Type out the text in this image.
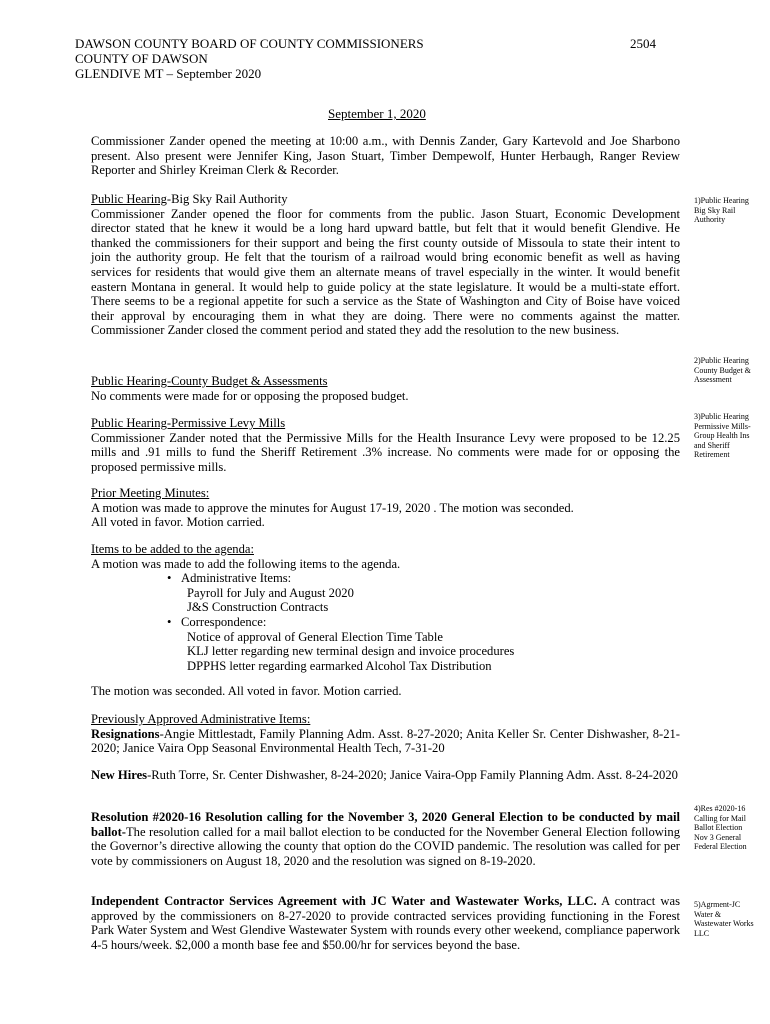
DAWSON COUNTY BOARD OF COUNTY COMMISSIONERS
COUNTY OF DAWSON
GLENDIVE MT – September 2020
2504
September 1, 2020
Commissioner Zander opened the meeting at 10:00 a.m., with Dennis Zander, Gary Kartevold and Joe Sharbono present. Also present were Jennifer King, Jason Stuart, Timber Dempewolf, Hunter Herbaugh, Ranger Review Reporter and Shirley Kreiman Clerk & Recorder.
Public Hearing-Big Sky Rail Authority
Commissioner Zander opened the floor for comments from the public. Jason Stuart, Economic Development director stated that he knew it would be a long hard upward battle, but felt that it would benefit Glendive. He thanked the commissioners for their support and being the first county outside of Missoula to state their intent to join the authority group. He felt that the tourism of a railroad would bring economic benefit as well as having services for residents that would give them an alternate means of travel especially in the winter. It would benefit eastern Montana in general. It would help to guide policy at the state legislature. It would be a multi-state effort. There seems to be a regional appetite for such a service as the State of Washington and City of Boise have voiced their approval by encouraging them in what they are doing. There were no comments against the matter. Commissioner Zander closed the comment period and stated they add the resolution to the new business.
Public Hearing-County Budget & Assessments
No comments were made for or opposing the proposed budget.
Public Hearing-Permissive Levy Mills
Commissioner Zander noted that the Permissive Mills for the Health Insurance Levy were proposed to be 12.25 mills and .91 mills to fund the Sheriff Retirement .3% increase. No comments were made for or opposing the proposed permissive mills.
Prior Meeting Minutes:
A motion was made to approve the minutes for August 17-19, 2020 . The motion was seconded.
All voted in favor. Motion carried.
Items to be added to the agenda:
A motion was made to add the following items to the agenda.
• Administrative Items:
Payroll for July and August 2020
J&S Construction Contracts
• Correspondence:
Notice of approval of General Election Time Table
KLJ letter regarding new terminal design and invoice procedures
DPPHS letter regarding earmarked Alcohol Tax Distribution
The motion was seconded. All voted in favor. Motion carried.
Previously Approved Administrative Items:
Resignations-Angie Mittlestadt, Family Planning Adm. Asst. 8-27-2020; Anita Keller Sr. Center Dishwasher, 8-21-2020; Janice Vaira Opp Seasonal Environmental Health Tech, 7-31-20
New Hires-Ruth Torre, Sr. Center Dishwasher, 8-24-2020; Janice Vaira-Opp Family Planning Adm. Asst. 8-24-2020
Resolution #2020-16 Resolution calling for the November 3, 2020 General Election to be conducted by mail ballot-The resolution called for a mail ballot election to be conducted for the November General Election following the Governor’s directive allowing the county that option do the COVID pandemic. The resolution was called for per vote by commissioners on August 18, 2020 and the resolution was signed on 8-19-2020.
Independent Contractor Services Agreement with JC Water and Wastewater Works, LLC. A contract was approved by the commissioners on 8-27-2020 to provide contracted services providing functioning in the Forest Park Water System and West Glendive Wastewater System with rounds every other weekend, compliance paperwork 4-5 hours/week. $2,000 a month base fee and $50.00/hr for services beyond the base.
1)Public Hearing Big Sky Rail Authority
2)Public Hearing County Budget & Assessment
3)Public Hearing Permissive Mills-Group Health Ins and Sheriff Retirement
4)Res #2020-16 Calling for Mail Ballot Election Nov 3 General Federal Election
5)Agrment-JC Water & Wastewater Works LLC
